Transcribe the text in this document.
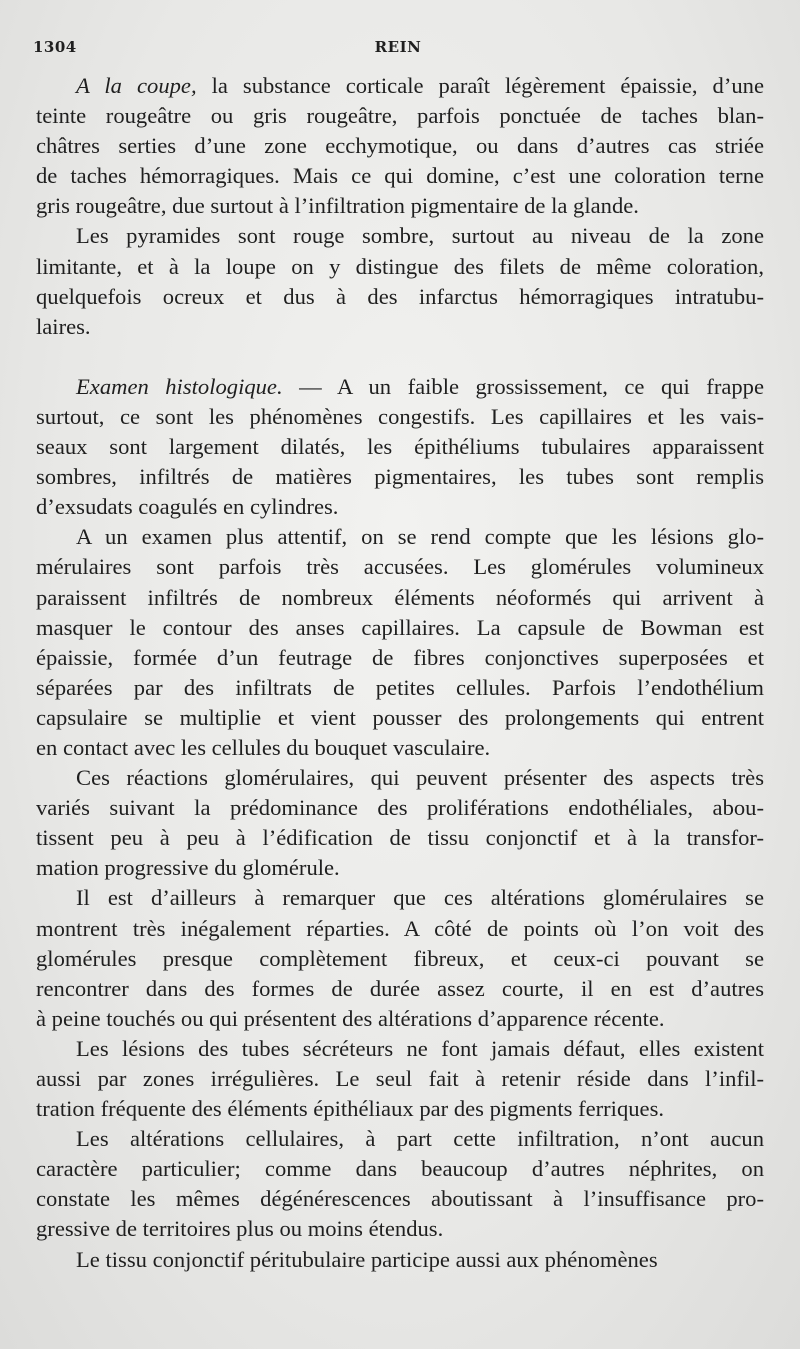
1304	REIN
A la coupe, la substance corticale paraît légèrement épaissie, d’une
teinte rougeâtre ou gris rougeâtre, parfois ponctuée de taches blan-
châtres serties d’une zone ecchymotique, ou dans d’autres cas striée
de taches hémorragiques. Mais ce qui domine, c’est une coloration terne
gris rougeâtre, due surtout à l’infiltration pigmentaire de la glande.
Les pyramides sont rouge sombre, surtout au niveau de la zone
limitante, et à la loupe on y distingue des filets de même coloration,
quelquefois ocreux et dus à des infarctus hémorragiques intratubu-
laires.
Examen histologique. — A un faible grossissement, ce qui frappe
surtout, ce sont les phénomènes congestifs. Les capillaires et les vais-
seaux sont largement dilatés, les épithéliums tubulaires apparaissent
sombres, infiltrés de matières pigmentaires, les tubes sont remplis
d’exsudats coagulés en cylindres.
A un examen plus attentif, on se rend compte que les lésions glo-
mérulaires sont parfois très accusées. Les glomérules volumineux
paraissent infiltrés de nombreux éléments néoformés qui arrivent à
masquer le contour des anses capillaires. La capsule de Bowman est
épaissie, formée d’un feutrage de fibres conjonctives superposées et
séparées par des infiltrats de petites cellules. Parfois l’endothélium
capsulaire se multiplie et vient pousser des prolongements qui entrent
en contact avec les cellules du bouquet vasculaire.
Ces réactions glomérulaires, qui peuvent présenter des aspects très
variés suivant la prédominance des proliférations endothéliales, abou-
tissent peu à peu à l’édification de tissu conjonctif et à la transfor-
mation progressive du glomérule.
Il est d’ailleurs à remarquer que ces altérations glomérulaires se
montrent très inégalement réparties. A côté de points où l’on voit des
glomérules presque complètement fibreux, et ceux-ci pouvant se
rencontrer dans des formes de durée assez courte, il en est d’autres
à peine touchés ou qui présentent des altérations d’apparence récente.
Les lésions des tubes sécréteurs ne font jamais défaut, elles existent
aussi par zones irrégulières. Le seul fait à retenir réside dans l’infil-
tration fréquente des éléments épithéliaux par des pigments ferriques.
Les altérations cellulaires, à part cette infiltration, n’ont aucun
caractère particulier; comme dans beaucoup d’autres néphrites, on
constate les mêmes dégénérescences aboutissant à l’insuffisance pro-
gressive de territoires plus ou moins étendus.
Le tissu conjonctif péritubulaire participe aussi aux phénomènes
